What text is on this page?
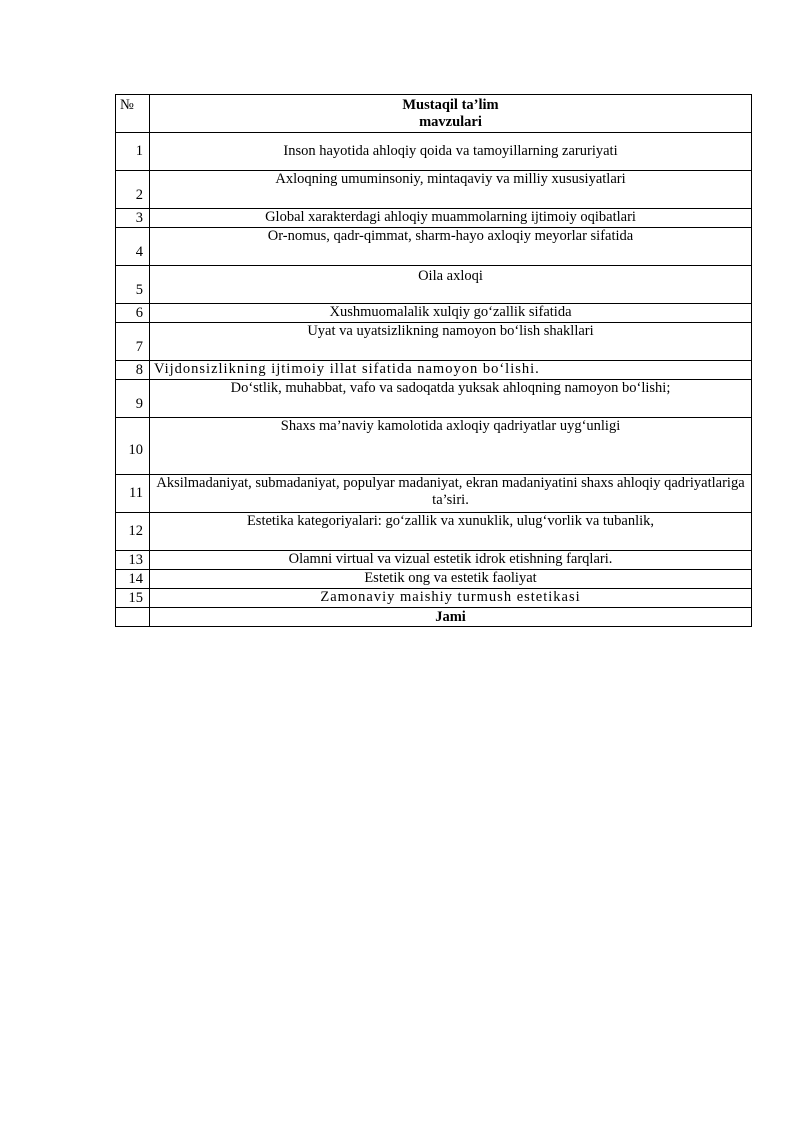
№	Mustaqil ta’lim
mavzulari

1	Inson hayotida ahloqiy qoida va tamoyillarning zaruriyati
2	Axloqning umuminsoniy, mintaqaviy va milliy xususiyatlari
3	Global xarakterdagi ahloqiy muammolarning ijtimoiy oqibatlari
4	Or-nomus, qadr-qimmat, sharm-hayo axloqiy meyorlar sifatida
5	Oila axloqi
6	Xushmuomalalik xulqiy go‘zallik sifatida
7	Uyat va uyatsizlikning namoyon bo‘lish shakllari
8	Vijdonsizlikning ijtimoiy illat sifatida namoyon bo‘lishi.
9	Do‘stlik, muhabbat, vafo va sadoqatda yuksak ahloqning namoyon bo‘lishi;
10	Shaxs ma’naviy kamolotida axloqiy qadriyatlar uyg‘unligi
11	Aksilmadaniyat, submadaniyat, populyar madaniyat, ekran madaniyatini shaxs ahloqiy qadriyatlariga ta’siri.
12	Estetika kategoriyalari: go‘zallik va xunuklik, ulug‘vorlik va tubanlik,
13	Olamni virtual va vizual estetik idrok etishning farqlari.
14	Estetik ong va estetik faoliyat
15	Zamonaviy maishiy turmush estetikasi
	Jami
